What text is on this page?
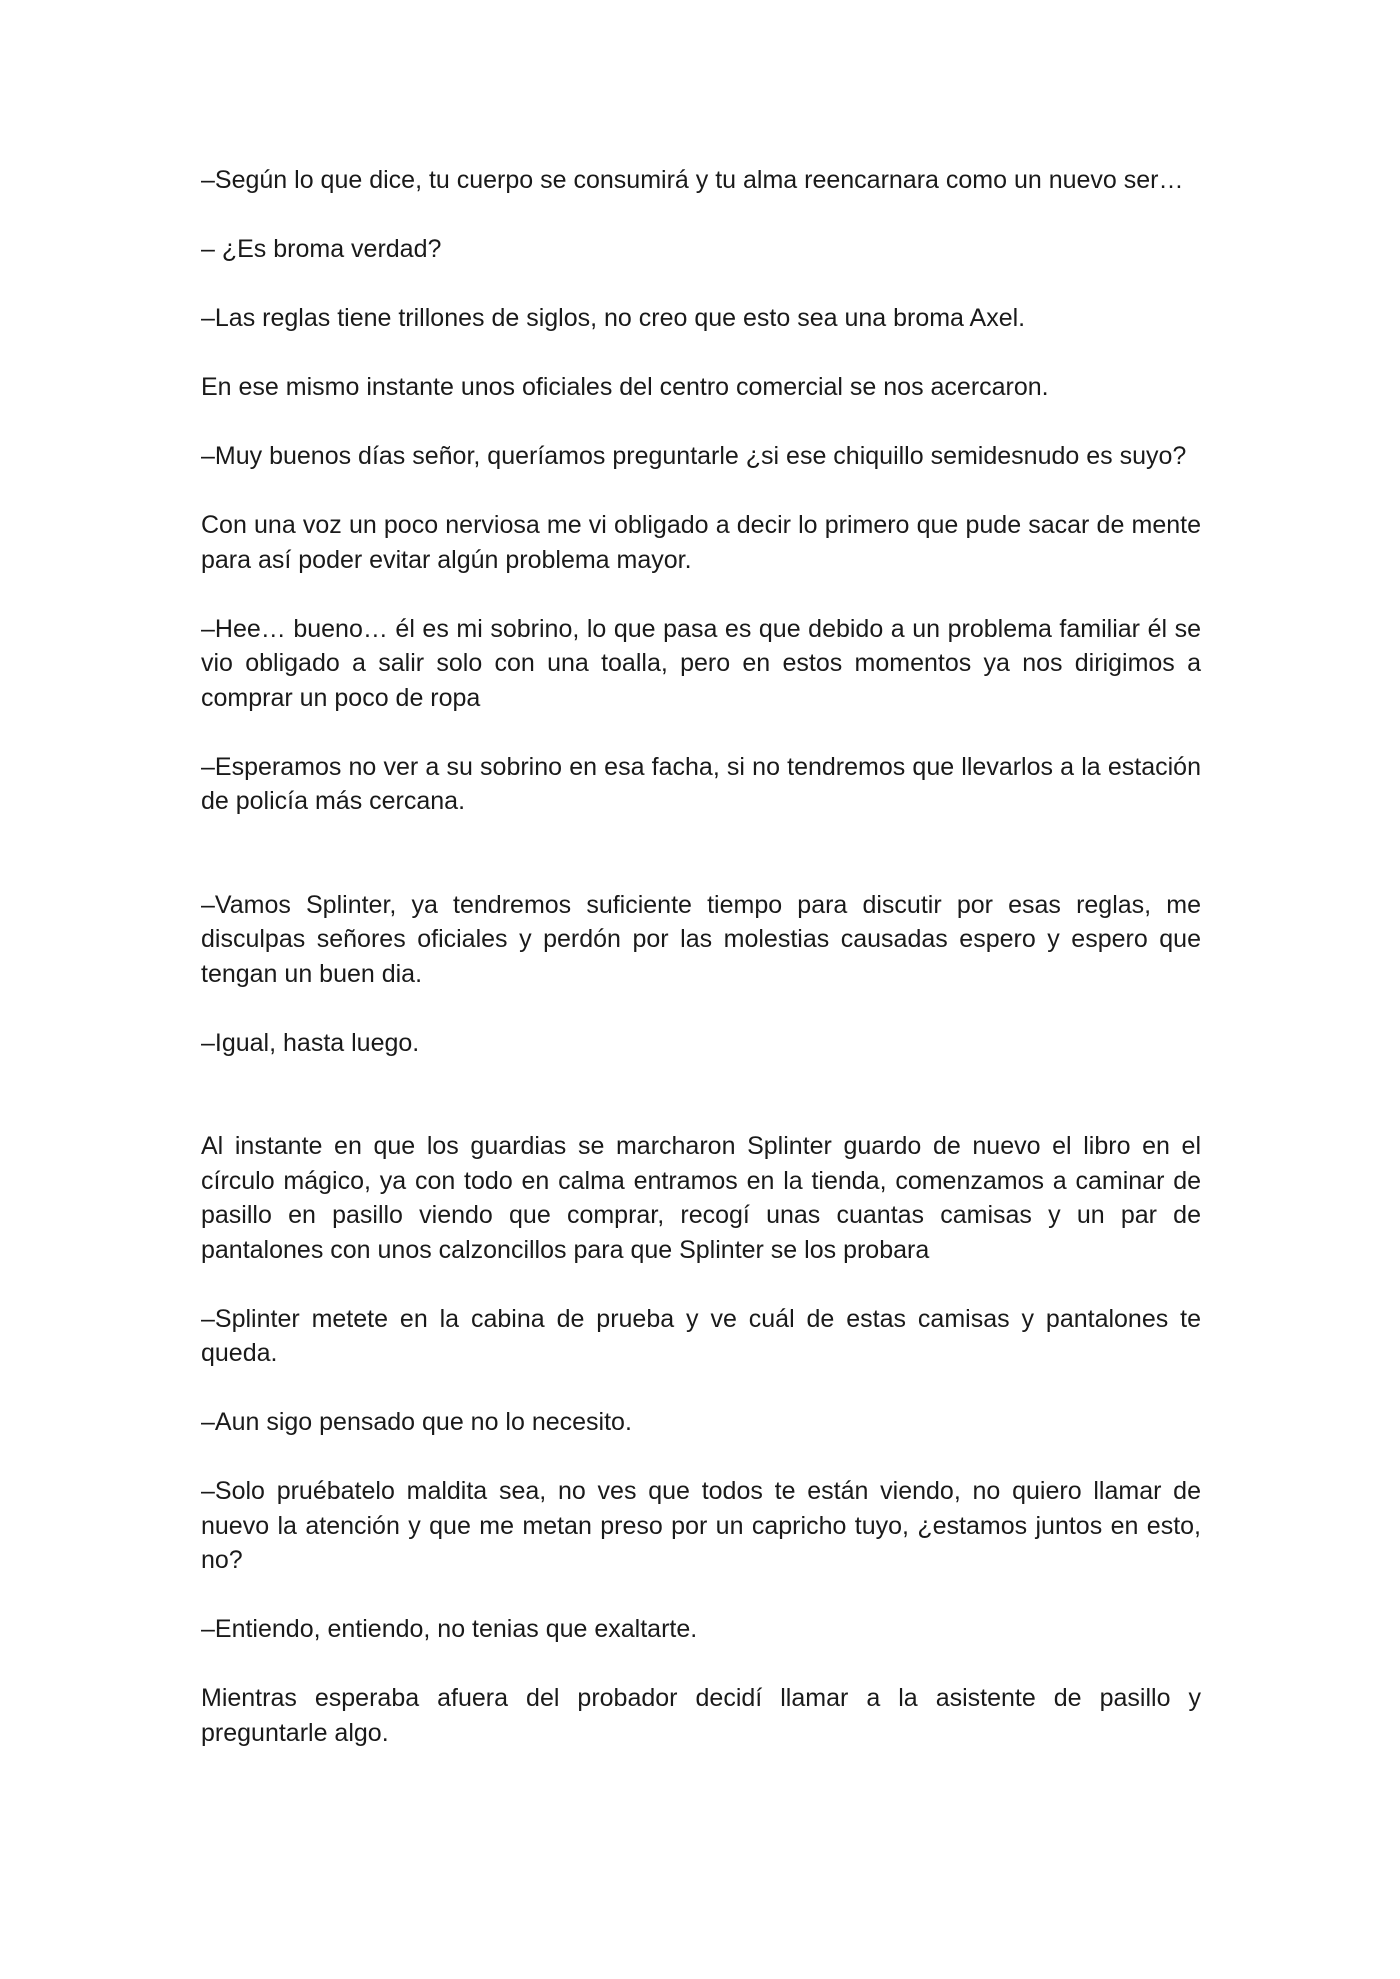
–Según lo que dice, tu cuerpo se consumirá y tu alma reencarnara como un nuevo ser…

– ¿Es broma verdad?

–Las reglas tiene trillones de siglos, no creo que esto sea una broma Axel.

En ese mismo instante unos oficiales del centro comercial se nos acercaron.

–Muy buenos días señor, queríamos preguntarle ¿si ese chiquillo semidesnudo es suyo?

Con una voz un poco nerviosa me vi obligado a decir lo primero que pude sacar de mente para así poder evitar algún problema mayor.

–Hee… bueno… él es mi sobrino, lo que pasa es que debido a un problema familiar él se vio obligado a salir solo con una toalla, pero en estos momentos ya nos dirigimos a comprar un poco de ropa

–Esperamos no ver a su sobrino en esa facha, si no tendremos que llevarlos a la estación de policía más cercana.

–Vamos Splinter, ya tendremos suficiente tiempo para discutir por esas reglas, me disculpas señores oficiales y perdón por las molestias causadas espero y espero que tengan un buen dia.

–Igual, hasta luego.

Al instante en que los guardias se marcharon Splinter guardo de nuevo el libro en el círculo mágico, ya con todo en calma entramos en la tienda, comenzamos a caminar de pasillo en pasillo viendo que comprar, recogí unas cuantas camisas y un par de pantalones con unos calzoncillos para que Splinter se los probara

–Splinter metete en la cabina de prueba y ve cuál de estas camisas y pantalones te queda.

–Aun sigo pensado que no lo necesito.

–Solo pruébatelo maldita sea, no ves que todos te están viendo, no quiero llamar de nuevo la atención y que me metan preso por un capricho tuyo, ¿estamos juntos en esto, no?

–Entiendo, entiendo, no tenias que exaltarte.

Mientras esperaba afuera del probador decidí llamar a la asistente de pasillo y preguntarle algo.
